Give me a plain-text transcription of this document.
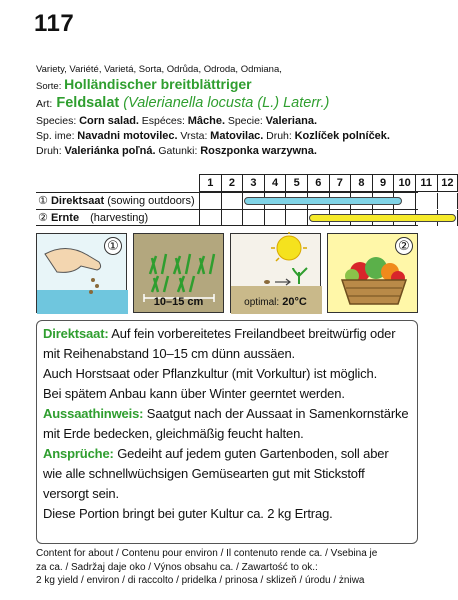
117
Variety, Variété, Varietá, Sorta, Odrůda, Odroda, Odmiana,
Sorte: Holländischer breitblättriger
Art: Feldsalat (Valerianella locusta (L.) Laterr.)
Species: Corn salad. Espéces: Mâche. Specie: Valeriana.
Sp. ime: Navadni motovilec. Vrsta: Matovilac. Druh: Kozlíček polníček.
Druh: Valeriánka poľná. Gatunki: Roszponka warzywna.
1	2	3	4	5	6	7	8	9	10 11 12
① Direktsaat (sowing outdoors)
② Ernte (harvesting)
①
10–15 cm	optimal: 20°C
②

Direktsaat: Auf fein vorbereitetes Freilandbeet breitwürfig oder mit Reihenabstand 10–15 cm dünn aussäen.

Auch Horstsaat oder Pflanzkultur (mit Vorkultur) ist möglich.

Bei spätem Anbau kann über Winter geerntet werden.

Aussaathinweis: Saatgut nach der Aussaat in Samenkornstärke mit Erde bedecken, gleichmäßig feucht halten.

Ansprüche: Gedeiht auf jedem guten Gartenboden, soll aber wie alle schnellwüchsigen Gemüsearten gut mit Stickstoff versorgt sein.

Diese Portion bringt bei guter Kultur ca. 2 kg Ertrag.

Content for about / Contenu pour environ / Il contenuto rende ca. / Vsebina je
za ca. / Sadržaj daje oko / Výnos obsahu ca. / Zawartość to ok.:
2 kg yield / environ / di raccolto / pridelka / prinosa / sklizeň / úrodu / żniwa
